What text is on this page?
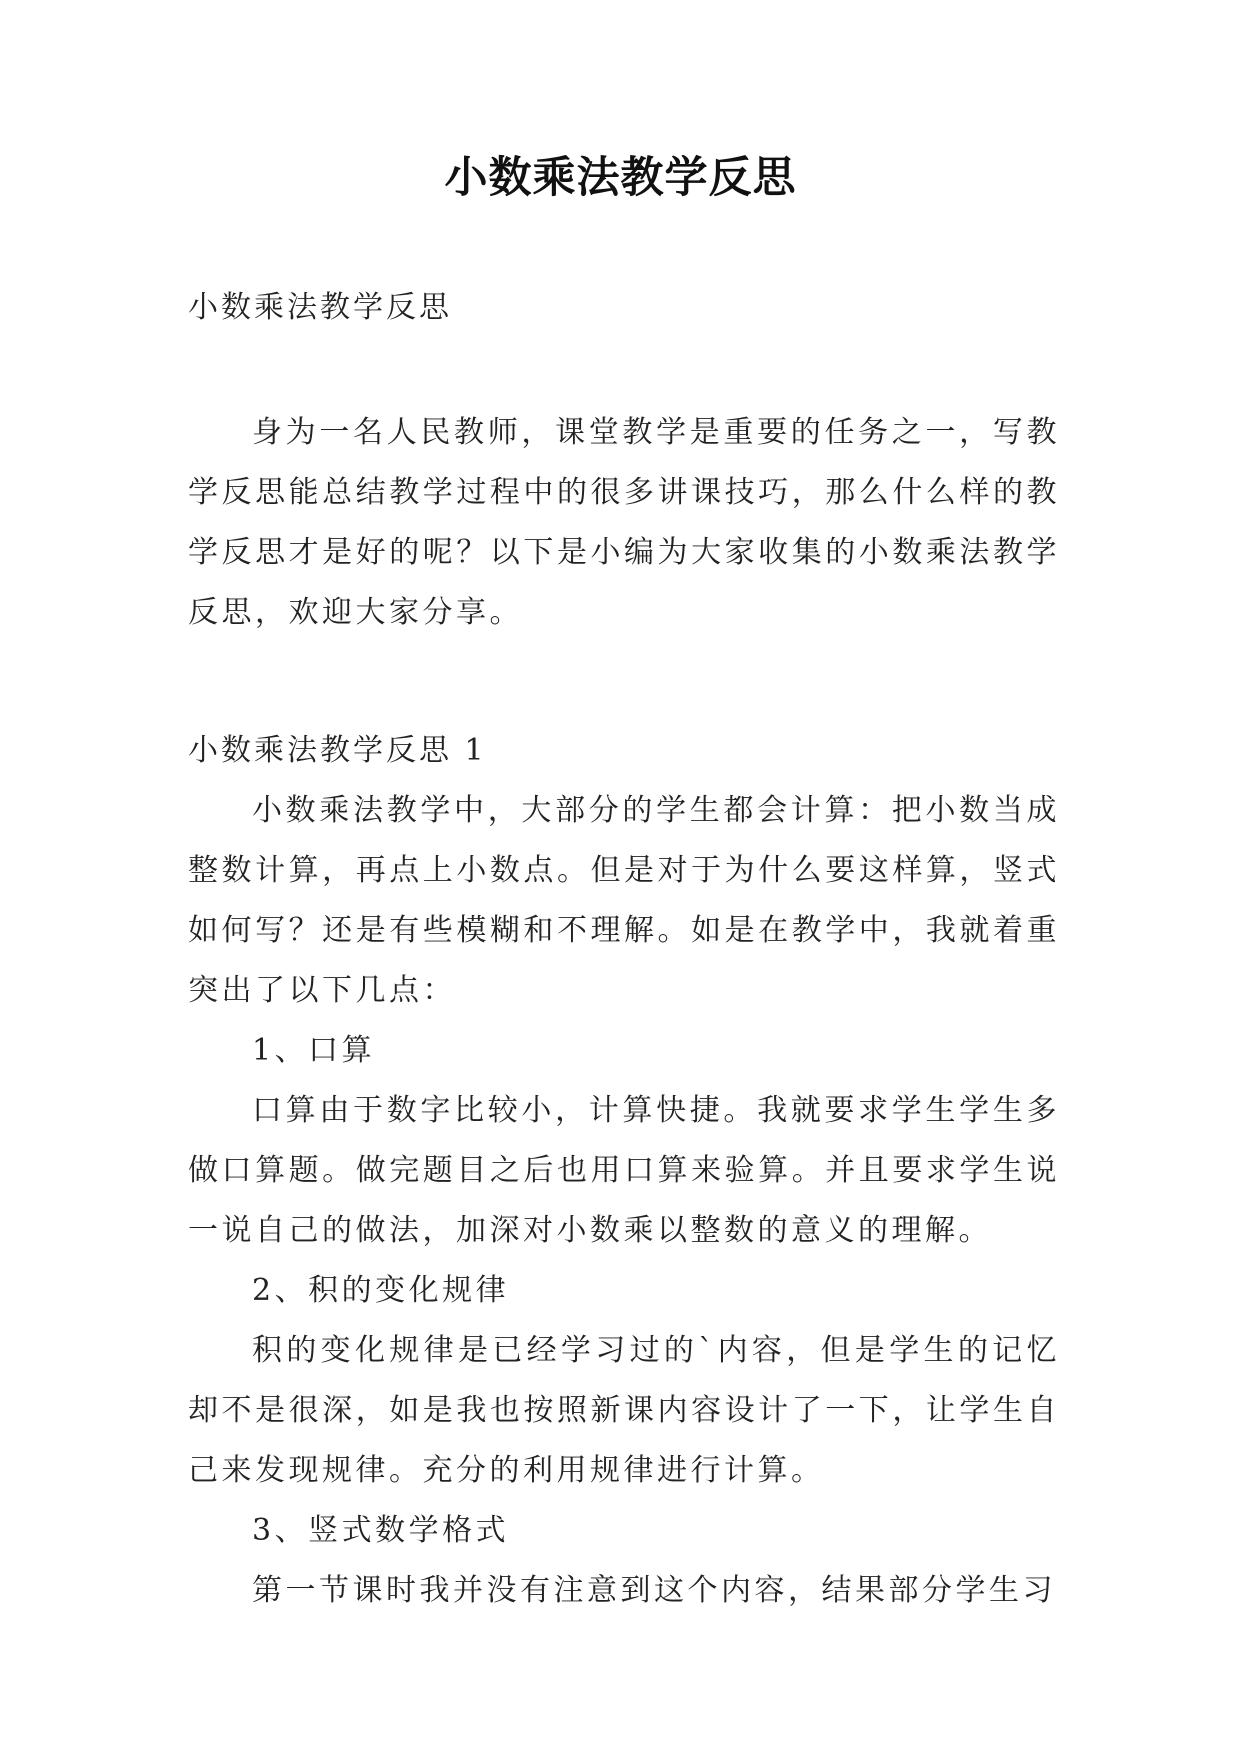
小数乘法教学反思

小数乘法教学反思

身为一名人民教师，课堂教学是重要的任务之一，写教学反思能总结教学过程中的很多讲课技巧，那么什么样的教学反思才是好的呢？以下是小编为大家收集的小数乘法教学反思，欢迎大家分享。

小数乘法教学反思 1

小数乘法教学中，大部分的学生都会计算：把小数当成整数计算，再点上小数点。但是对于为什么要这样算，竖式如何写？还是有些模糊和不理解。如是在教学中，我就着重突出了以下几点：

1、口算

口算由于数字比较小，计算快捷。我就要求学生学生多做口算题。做完题目之后也用口算来验算。并且要求学生说一说自己的做法，加深对小数乘以整数的意义的理解。

2、积的变化规律

积的变化规律是已经学习过的`内容，但是学生的记忆却不是很深，如是我也按照新课内容设计了一下，让学生自己来发现规律。充分的利用规律进行计算。

3、竖式数学格式

第一节课时我并没有注意到这个内容，结果部分学生习
